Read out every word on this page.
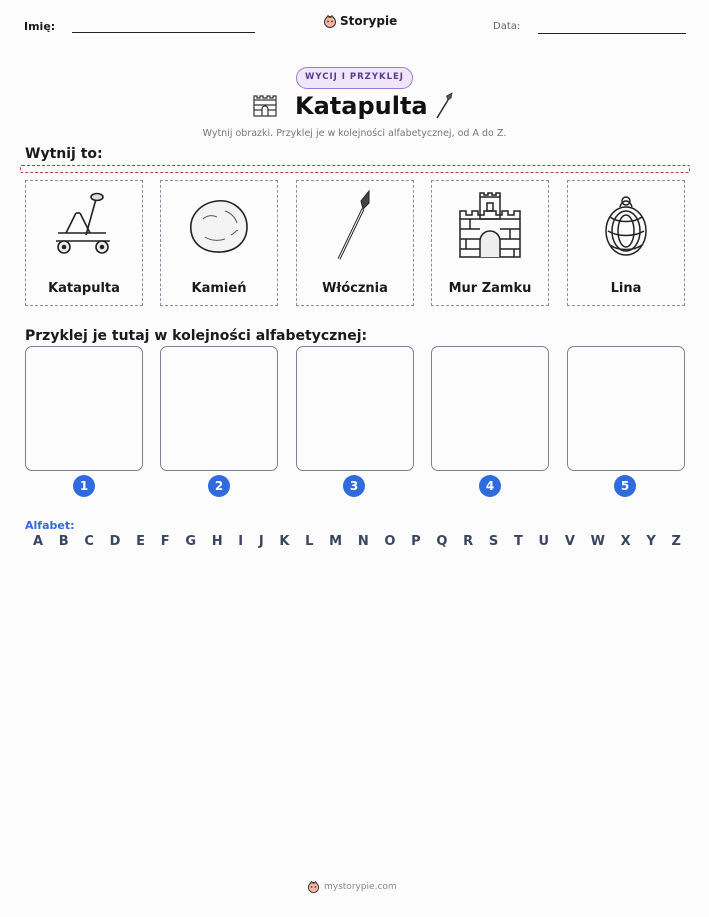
Imię:	Storypie	Data:
WYCIJ I PRZYKLEJ
Katapulta
Wytnij obrazki. Przyklej je w kolejności alfabetycznej, od A do Z.
Wytnij to:
Katapulta	Kamień	Włócznia	Mur Zamku	Lina
Przyklej je tutaj w kolejności alfabetycznej:
1	2	3	4	5
Alfabet:
A B C D E F G H I J K L M N O P Q R S T U V W X Y Z
mystorypie.com
